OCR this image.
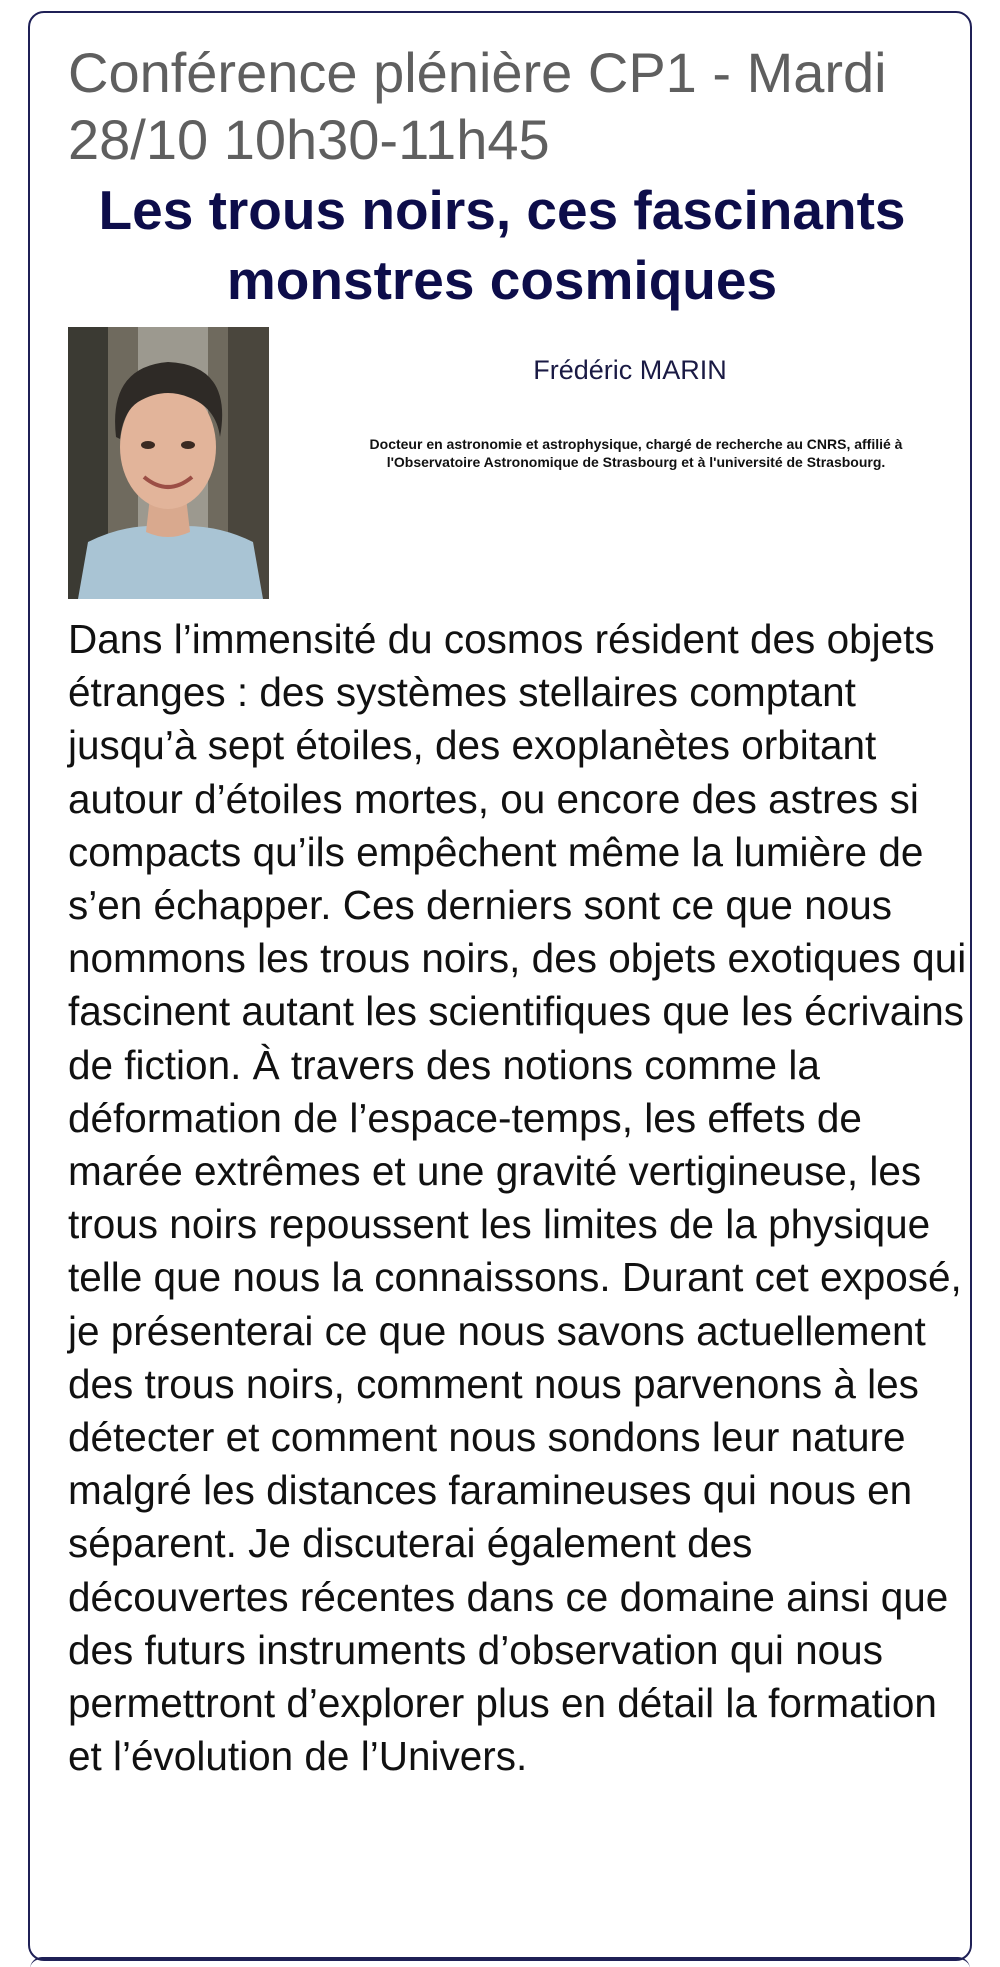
Conférence plénière CP1 - Mardi 28/10 10h30-11h45
Les trous noirs, ces fascinants monstres cosmiques
Frédéric MARIN
Docteur en astronomie et astrophysique, chargé de recherche au CNRS, affilié à l'Observatoire Astronomique de Strasbourg et à l'université de Strasbourg.

Dans l’immensité du cosmos résident des objets étranges : des systèmes stellaires comptant jusqu’à sept étoiles, des exoplanètes orbitant autour d’étoiles mortes, ou encore des astres si compacts qu’ils empêchent même la lumière de s’en échapper. Ces derniers sont ce que nous nommons les trous noirs, des objets exotiques qui fascinent autant les scientifiques que les écrivains de fiction. À travers des notions comme la déformation de l’espace-temps, les effets de marée extrêmes et une gravité vertigineuse, les trous noirs repoussent les limites de la physique telle que nous la connaissons. Durant cet exposé, je présenterai ce que nous savons actuellement des trous noirs, comment nous parvenons à les détecter et comment nous sondons leur nature malgré les distances faramineuses qui nous en séparent. Je discuterai également des découvertes récentes dans ce domaine ainsi que des futurs instruments d’observation qui nous permettront d’explorer plus en détail la formation et l’évolution de l’Univers.
